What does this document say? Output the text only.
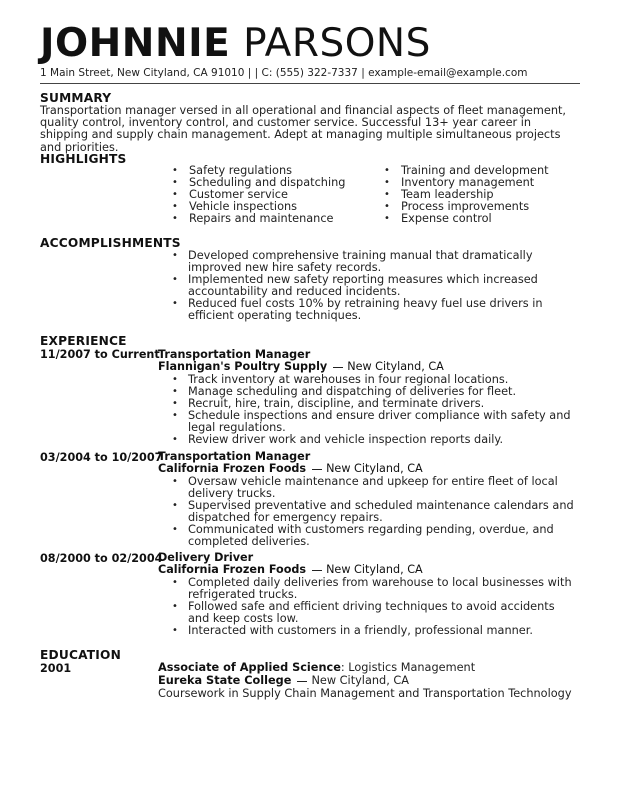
JOHNNIE PARSONS
1 Main Street, New Cityland, CA 91010 | | C: (555) 322-7337 | example-email@example.com
SUMMARY
Transportation manager versed in all operational and financial aspects of fleet management, quality control, inventory control, and customer service. Successful 13+ year career in shipping and supply chain management. Adept at managing multiple simultaneous projects and priorities.
HIGHLIGHTS
• Safety regulations
• Scheduling and dispatching
• Customer service
• Vehicle inspections
• Repairs and maintenance
• Training and development
• Inventory management
• Team leadership
• Process improvements
• Expense control
ACCOMPLISHMENTS
• Developed comprehensive training manual that dramatically improved new hire safety records.
• Implemented new safety reporting measures which increased accountability and reduced incidents.
• Reduced fuel costs 10% by retraining heavy fuel use drivers in efficient operating techniques.
EXPERIENCE
11/2007 to Current
Transportation Manager
Flannigan's Poultry Supply New Cityland, CA
• Track inventory at warehouses in four regional locations.
• Manage scheduling and dispatching of deliveries for fleet.
• Recruit, hire, train, discipline, and terminate drivers.
• Schedule inspections and ensure driver compliance with safety and legal regulations.
• Review driver work and vehicle inspection reports daily.
03/2004 to 10/2007
Transportation Manager
California Frozen Foods New Cityland, CA
• Oversaw vehicle maintenance and upkeep for entire fleet of local delivery trucks.
• Supervised preventative and scheduled maintenance calendars and dispatched for emergency repairs.
• Communicated with customers regarding pending, overdue, and completed deliveries.
08/2000 to 02/2004
Delivery Driver
California Frozen Foods New Cityland, CA
• Completed daily deliveries from warehouse to local businesses with refrigerated trucks.
• Followed safe and efficient driving techniques to avoid accidents and keep costs low.
• Interacted with customers in a friendly, professional manner.
EDUCATION
2001	Associate of Applied Science: Logistics Management
Eureka State College New Cityland, CA
Coursework in Supply Chain Management and Transportation Technology
